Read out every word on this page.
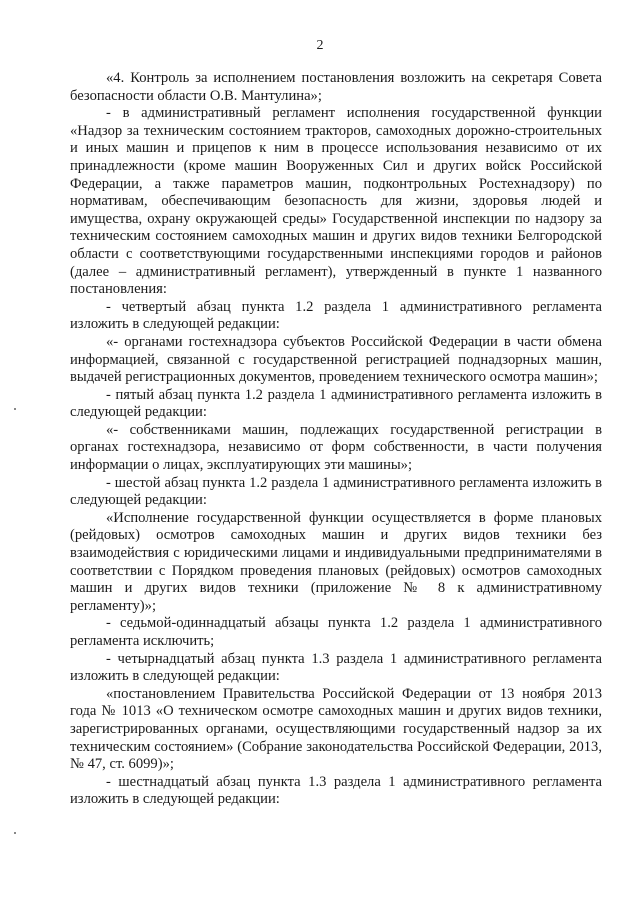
2

«4. Контроль за исполнением постановления возложить на секретаря Совета безопасности области О.В. Мантулина»;

- в административный регламент исполнения государственной функции «Надзор за техническим состоянием тракторов, самоходных дорожно-строительных и иных машин и прицепов к ним в процессе использования независимо от их принадлежности (кроме машин Вооруженных Сил и других войск Российской Федерации, а также параметров машин, подконтрольных Ростехнадзору) по нормативам, обеспечивающим безопасность для жизни, здоровья людей и имущества, охрану окружающей среды» Государственной инспекции по надзору за техническим состоянием самоходных машин и других видов техники Белгородской области с соответствующими государственными инспекциями городов и районов (далее – административный регламент), утвержденный в пункте 1 названного постановления:

- четвертый абзац пункта 1.2 раздела 1 административного регламента изложить в следующей редакции:

«- органами гостехнадзора субъектов Российской Федерации в части обмена информацией, связанной с государственной регистрацией поднадзорных машин, выдачей регистрационных документов, проведением технического осмотра машин»;

- пятый абзац пункта 1.2 раздела 1 административного регламента изложить в следующей редакции:

«- собственниками машин, подлежащих государственной регистрации в органах гостехнадзора, независимо от форм собственности, в части получения информации о лицах, эксплуатирующих эти машины»;

- шестой абзац пункта 1.2 раздела 1 административного регламента изложить в следующей редакции:

«Исполнение государственной функции осуществляется в форме плановых (рейдовых) осмотров самоходных машин и других видов техники без взаимодействия с юридическими лицами и индивидуальными предпринимателями в соответствии с Порядком проведения плановых (рейдовых) осмотров самоходных машин и других видов техники (приложение № 8 к административному регламенту)»;

- седьмой-одиннадцатый абзацы пункта 1.2 раздела 1 административного регламента исключить;

- четырнадцатый абзац пункта 1.3 раздела 1 административного регламента изложить в следующей редакции:

«постановлением Правительства Российской Федерации от 13 ноября 2013 года № 1013 «О техническом осмотре самоходных машин и других видов техники, зарегистрированных органами, осуществляющими государственный надзор за их техническим состоянием» (Собрание законодательства Российской Федерации, 2013, № 47, ст. 6099)»;

- шестнадцатый абзац пункта 1.3 раздела 1 административного регламента изложить в следующей редакции:
